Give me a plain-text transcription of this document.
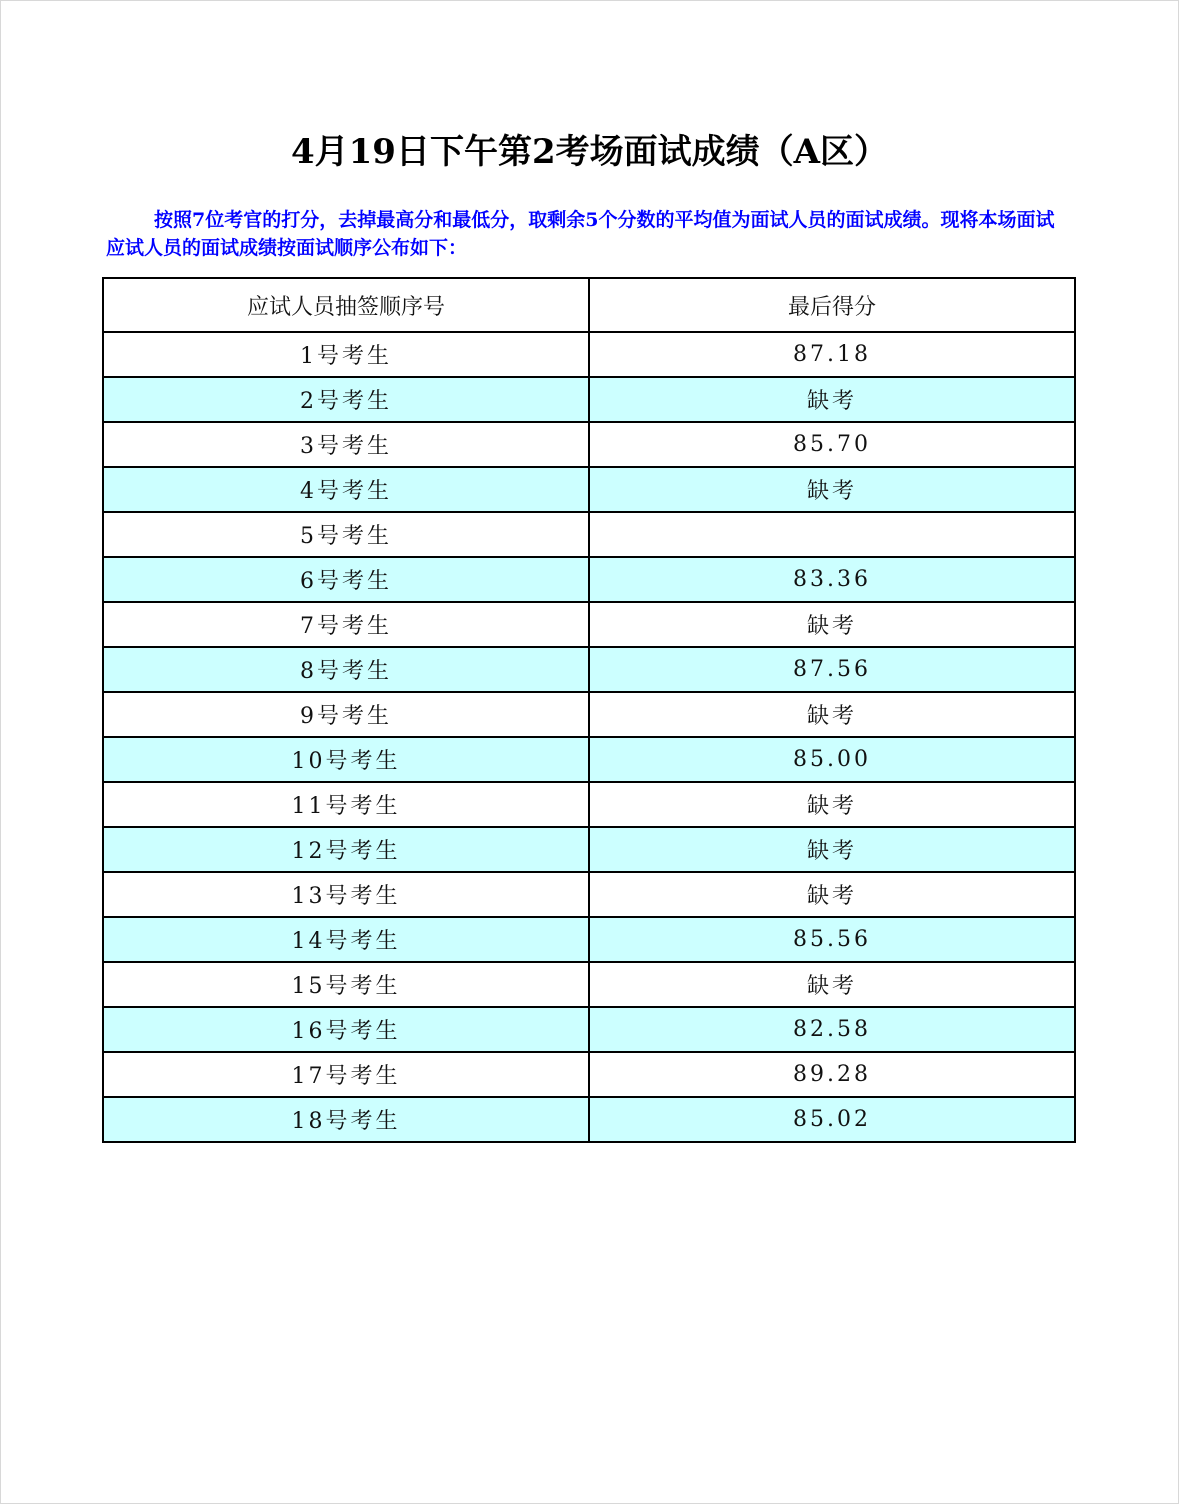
4月19日下午第2考场面试成绩（A区）

按照7位考官的打分，去掉最高分和最低分，取剩余5个分数的平均值为面试人员的面试成绩。现将本场面试应试人员的面试成绩按面试顺序公布如下：

应试人员抽签顺序号	最后得分
1号考生	87.18
2号考生	缺考
3号考生	85.70
4号考生	缺考
5号考生	
6号考生	83.36
7号考生	缺考
8号考生	87.56
9号考生	缺考
10号考生	85.00
11号考生	缺考
12号考生	缺考
13号考生	缺考
14号考生	85.56
15号考生	缺考
16号考生	82.58
17号考生	89.28
18号考生	85.02
